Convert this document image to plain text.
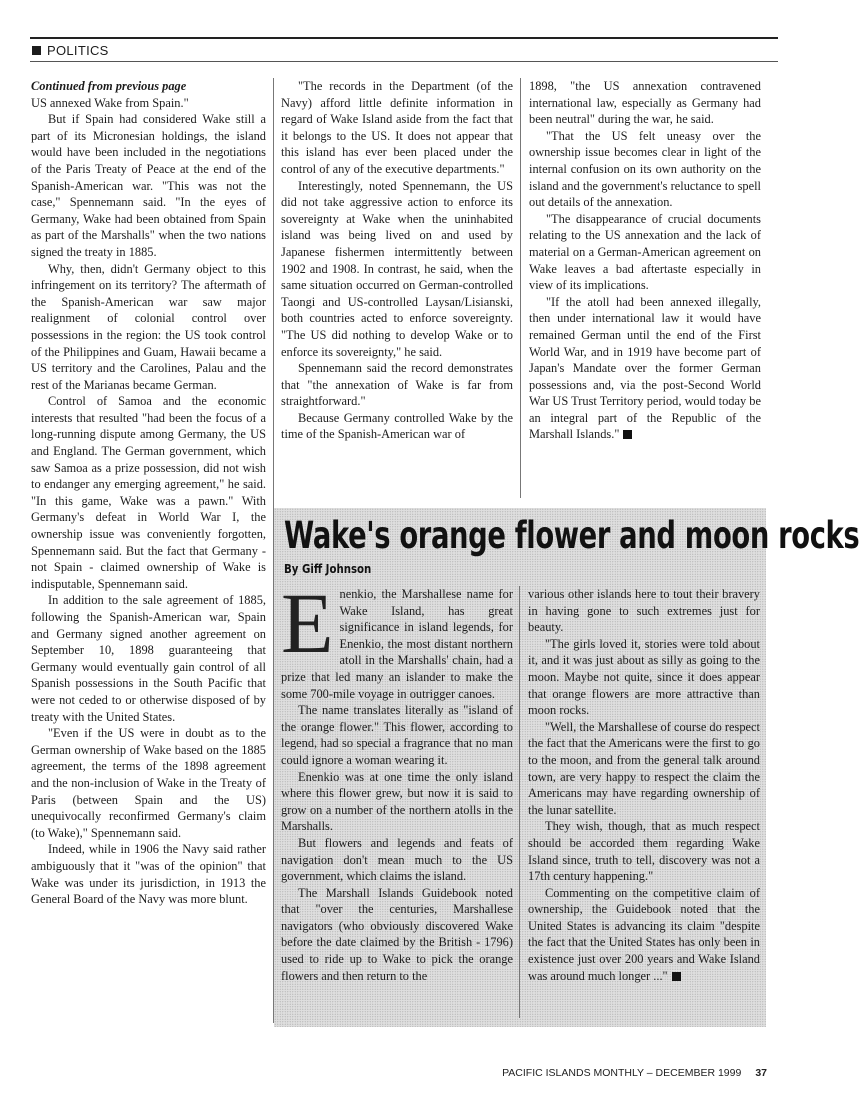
POLITICS

Continued from previous page

US annexed Wake from Spain."

But if Spain had considered Wake still a part of its Micronesian holdings, the island would have been included in the negotiations of the Paris Treaty of Peace at the end of the Spanish-American war. "This was not the case," Spennemann said. "In the eyes of Germany, Wake had been obtained from Spain as part of the Marshalls" when the two nations signed the treaty in 1885.

Why, then, didn't Germany object to this infringement on its territory? The aftermath of the Spanish-American war saw major realignment of colonial control over possessions in the region: the US took control of the Philippines and Guam, Hawaii became a US territory and the Carolines, Palau and the rest of the Marianas became German.

Control of Samoa and the economic interests that resulted "had been the focus of a long-running dispute among Germany, the US and England. The German government, which saw Samoa as a prize possession, did not wish to endanger any emerging agreement," he said. "In this game, Wake was a pawn." With Germany's defeat in World War I, the ownership issue was conveniently forgotten, Spennemann said. But the fact that Germany - not Spain - claimed ownership of Wake is indisputable, Spennemann said.

In addition to the sale agreement of 1885, following the Spanish-American war, Spain and Germany signed another agreement on September 10, 1898 guaranteeing that Germany would eventually gain control of all Spanish possessions in the South Pacific that were not ceded to or otherwise disposed of by treaty with the United States.

"Even if the US were in doubt as to the German ownership of Wake based on the 1885 agreement, the terms of the 1898 agreement and the non-inclusion of Wake in the Treaty of Paris (between Spain and the US) unequivocally reconfirmed Germany's claim (to Wake)," Spennemann said.

Indeed, while in 1906 the Navy said rather ambiguously that it "was of the opinion" that Wake was under its jurisdiction, in 1913 the General Board of the Navy was more blunt.

"The records in the Department (of the Navy) afford little definite information in regard of Wake Island aside from the fact that it belongs to the US. It does not appear that this island has ever been placed under the control of any of the executive departments."

Interestingly, noted Spennemann, the US did not take aggressive action to enforce its sovereignty at Wake when the uninhabited island was being lived on and used by Japanese fishermen intermittently between 1902 and 1908. In contrast, he said, when the same situation occurred on German-controlled Taongi and US-controlled Laysan/Lisianski, both countries acted to enforce sovereignty. "The US did nothing to develop Wake or to enforce its sovereignty," he said.

Spennemann said the record demonstrates that "the annexation of Wake is far from straightforward."

Because Germany controlled Wake by the time of the Spanish-American war of

1898, "the US annexation contravened international law, especially as Germany had been neutral" during the war, he said.

"That the US felt uneasy over the ownership issue becomes clear in light of the internal confusion on its own authority on the island and the government's reluctance to spell out details of the annexation.

"The disappearance of crucial documents relating to the US annexation and the lack of material on a German-American agreement on Wake leaves a bad aftertaste especially in view of its implications.

"If the atoll had been annexed illegally, then under international law it would have remained German until the end of the First World War, and in 1919 have become part of Japan's Mandate over the former German possessions and, via the post-Second World War US Trust Territory period, would today be an integral part of the Republic of the Marshall Islands."

Wake's orange flower and moon rocks
By Giff Johnson

Enenkio, the Marshallese name for Wake Island, has great significance in island legends, for Enenkio, the most distant northern atoll in the Marshalls' chain, had a prize that led many an islander to make the some 700-mile voyage in outrigger canoes.

The name translates literally as "island of the orange flower." This flower, according to legend, had so special a fragrance that no man could ignore a woman wearing it.

Enenkio was at one time the only island where this flower grew, but now it is said to grow on a number of the northern atolls in the Marshalls.

But flowers and legends and feats of navigation don't mean much to the US government, which claims the island.

The Marshall Islands Guidebook noted that "over the centuries, Marshallese navigators (who obviously discovered Wake before the date claimed by the British - 1796) used to ride up to Wake to pick the orange flowers and then return to the

various other islands here to tout their bravery in having gone to such extremes just for beauty.

"The girls loved it, stories were told about it, and it was just about as silly as going to the moon. Maybe not quite, since it does appear that orange flowers are more attractive than moon rocks.

"Well, the Marshallese of course do respect the fact that the Americans were the first to go to the moon, and from the general talk around town, are very happy to respect the claim the Americans may have regarding ownership of the lunar satellite.

They wish, though, that as much respect should be accorded them regarding Wake Island since, truth to tell, discovery was not a 17th century happening."

Commenting on the competitive claim of ownership, the Guidebook noted that the United States is advancing its claim "despite the fact that the United States has only been in existence just over 200 years and Wake Island was around much longer ..."

PACIFIC ISLANDS MONTHLY – DECEMBER 1999 37
